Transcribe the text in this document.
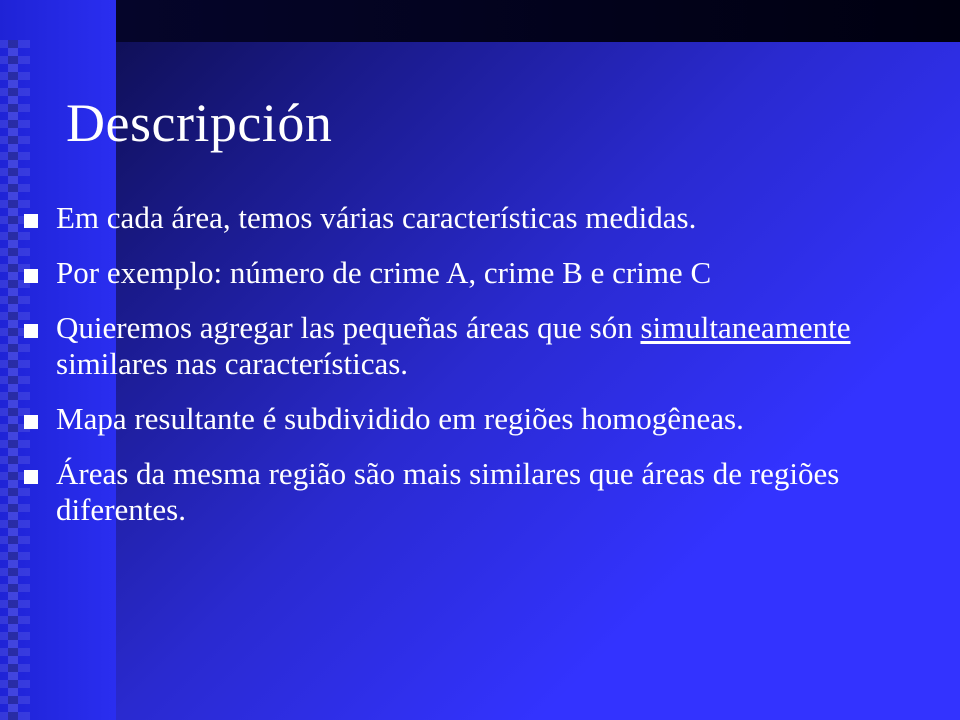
Descripción
Em cada área, temos várias características medidas.
Por exemplo: número de crime A, crime B e crime C
Quieremos agregar las pequeñas áreas que són simultaneamente similares nas características.
Mapa resultante é subdividido em regiões homogêneas.
Áreas da mesma região são mais similares que áreas de regiões diferentes.
